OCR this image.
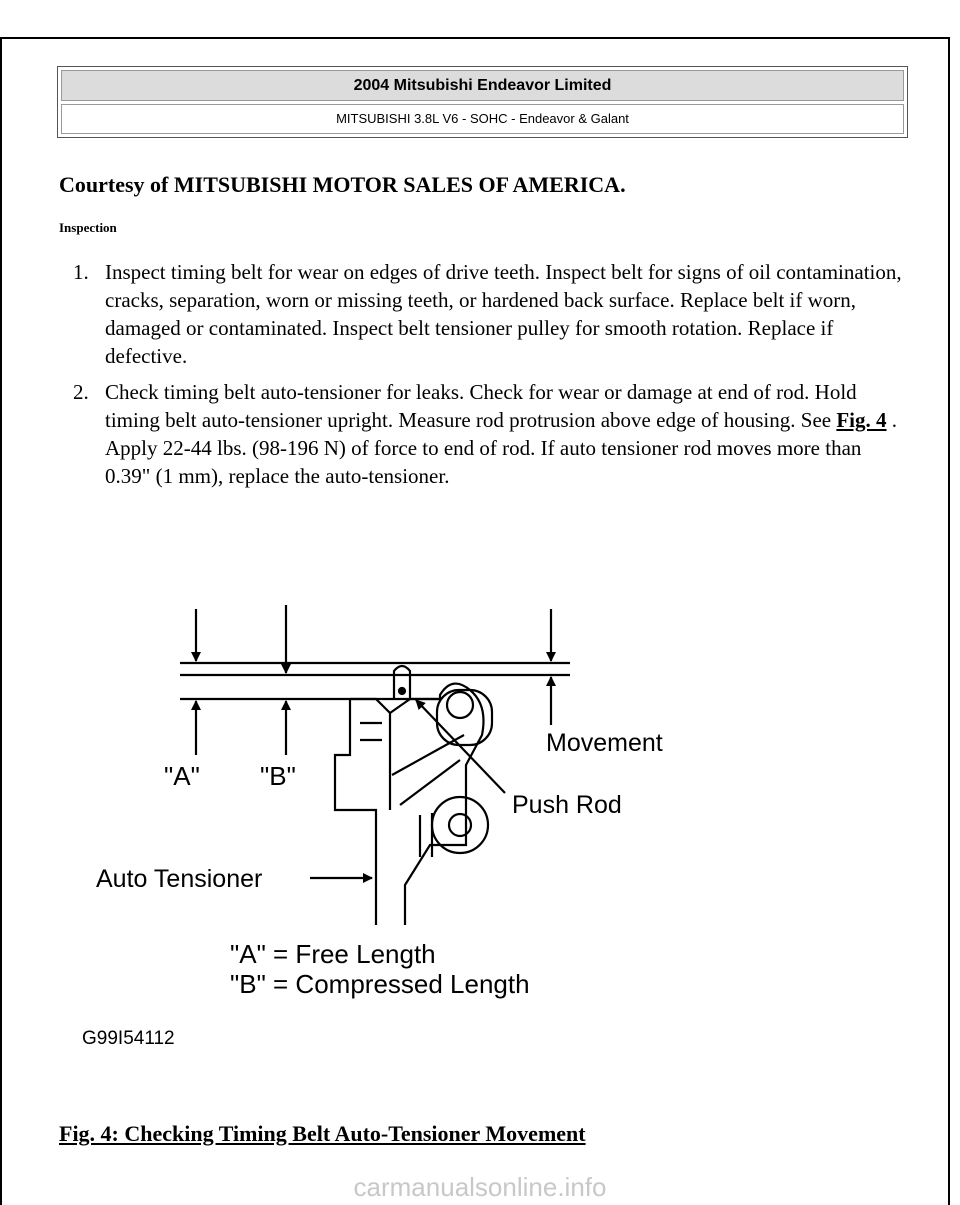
2004 Mitsubishi Endeavor Limited
MITSUBISHI 3.8L V6 - SOHC - Endeavor & Galant
Courtesy of MITSUBISHI MOTOR SALES OF AMERICA.
Inspection
1. Inspect timing belt for wear on edges of drive teeth. Inspect belt for signs of oil contamination, cracks, separation, worn or missing teeth, or hardened back surface. Replace belt if worn, damaged or contaminated. Inspect belt tensioner pulley for smooth rotation. Replace if defective.
2. Check timing belt auto-tensioner for leaks. Check for wear or damage at end of rod. Hold timing belt auto-tensioner upright. Measure rod protrusion above edge of housing. See Fig. 4 . Apply 22-44 lbs. (98-196 N) of force to end of rod. If auto tensioner rod moves more than 0.39" (1 mm), replace the auto-tensioner.
"A" "B"
Movement
Push Rod
Auto Tensioner
"A" = Free Length
"B" = Compressed Length
G99I54112
Fig. 4: Checking Timing Belt Auto-Tensioner Movement
carmanualsonline.info
